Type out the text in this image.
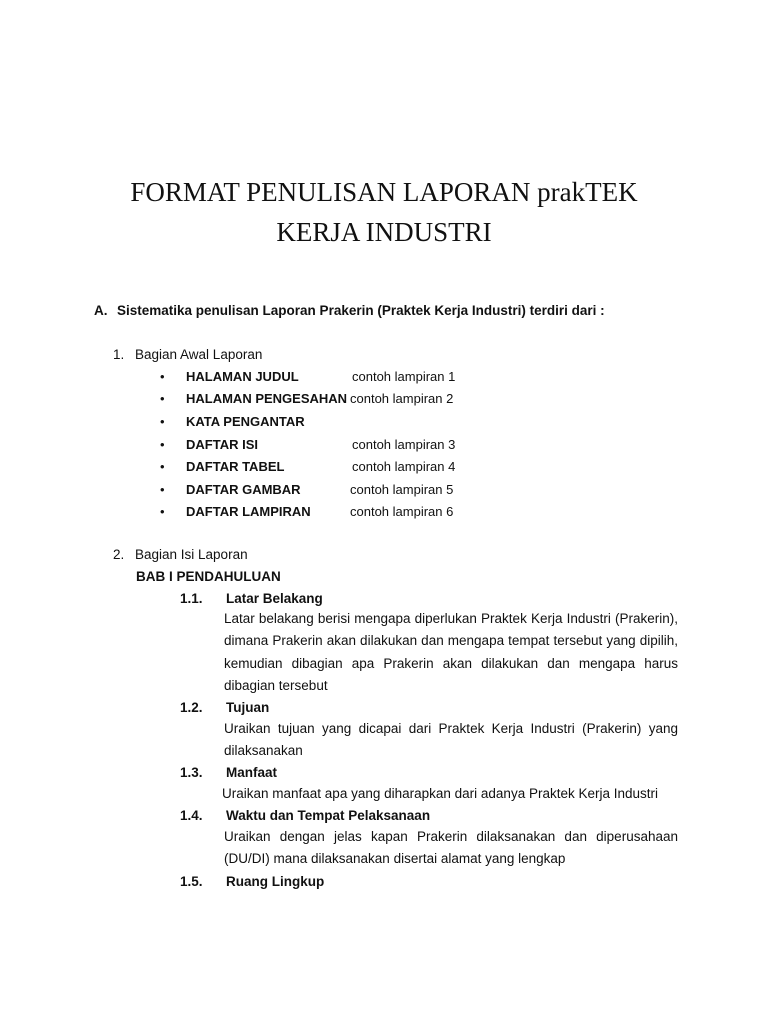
FORMAT PENULISAN LAPORAN prakTEK
KERJA INDUSTRI
A. Sistematika penulisan Laporan Prakerin (Praktek Kerja Industri) terdiri dari :
1. Bagian Awal Laporan
• HALAMAN JUDUL	contoh lampiran 1
• HALAMAN PENGESAHAN contoh lampiran 2
• KATA PENGANTAR
• DAFTAR ISI	contoh lampiran 3
• DAFTAR TABEL	contoh lampiran 4
• DAFTAR GAMBAR	contoh lampiran 5
• DAFTAR LAMPIRAN	contoh lampiran 6
2. Bagian Isi Laporan
BAB I PENDAHULUAN
1.1. Latar Belakang
Latar belakang berisi mengapa diperlukan Praktek Kerja Industri (Prakerin), dimana Prakerin akan dilakukan dan mengapa tempat tersebut yang dipilih, kemudian dibagian apa Prakerin akan dilakukan dan mengapa harus dibagian tersebut
1.2. Tujuan
Uraikan tujuan yang dicapai dari Praktek Kerja Industri (Prakerin) yang dilaksanakan
1.3. Manfaat
Uraikan manfaat apa yang diharapkan dari adanya Praktek Kerja Industri
1.4. Waktu dan Tempat Pelaksanaan
Uraikan dengan jelas kapan Prakerin dilaksanakan dan diperusahaan (DU/DI) mana dilaksanakan disertai alamat yang lengkap
1.5. Ruang Lingkup
